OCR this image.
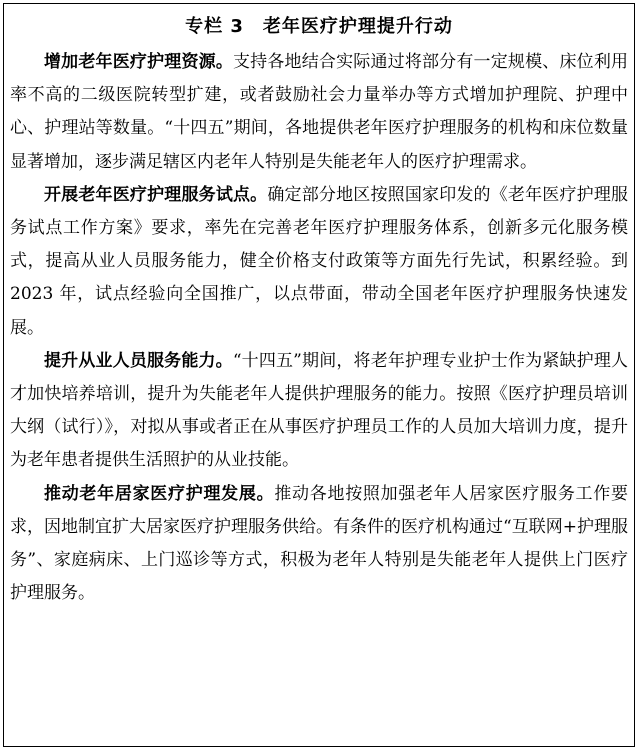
专栏 3　老年医疗护理提升行动

增加老年医疗护理资源。支持各地结合实际通过将部分有一定规模、床位利用率不高的二级医院转型扩建，或者鼓励社会力量举办等方式增加护理院、护理中心、护理站等数量。“十四五”期间，各地提供老年医疗护理服务的机构和床位数量显著增加，逐步满足辖区内老年人特别是失能老年人的医疗护理需求。

开展老年医疗护理服务试点。确定部分地区按照国家印发的《老年医疗护理服务试点工作方案》要求，率先在完善老年医疗护理服务体系，创新多元化服务模式，提高从业人员服务能力，健全价格支付政策等方面先行先试，积累经验。到 2023 年，试点经验向全国推广，以点带面，带动全国老年医疗护理服务快速发展。

提升从业人员服务能力。“十四五”期间，将老年护理专业护士作为紧缺护理人才加快培养培训，提升为失能老年人提供护理服务的能力。按照《医疗护理员培训大纲（试行）》，对拟从事或者正在从事医疗护理员工作的人员加大培训力度，提升为老年患者提供生活照护的从业技能。

推动老年居家医疗护理发展。推动各地按照加强老年人居家医疗服务工作要求，因地制宜扩大居家医疗护理服务供给。有条件的医疗机构通过“互联网+护理服务”、家庭病床、上门巡诊等方式，积极为老年人特别是失能老年人提供上门医疗护理服务。
